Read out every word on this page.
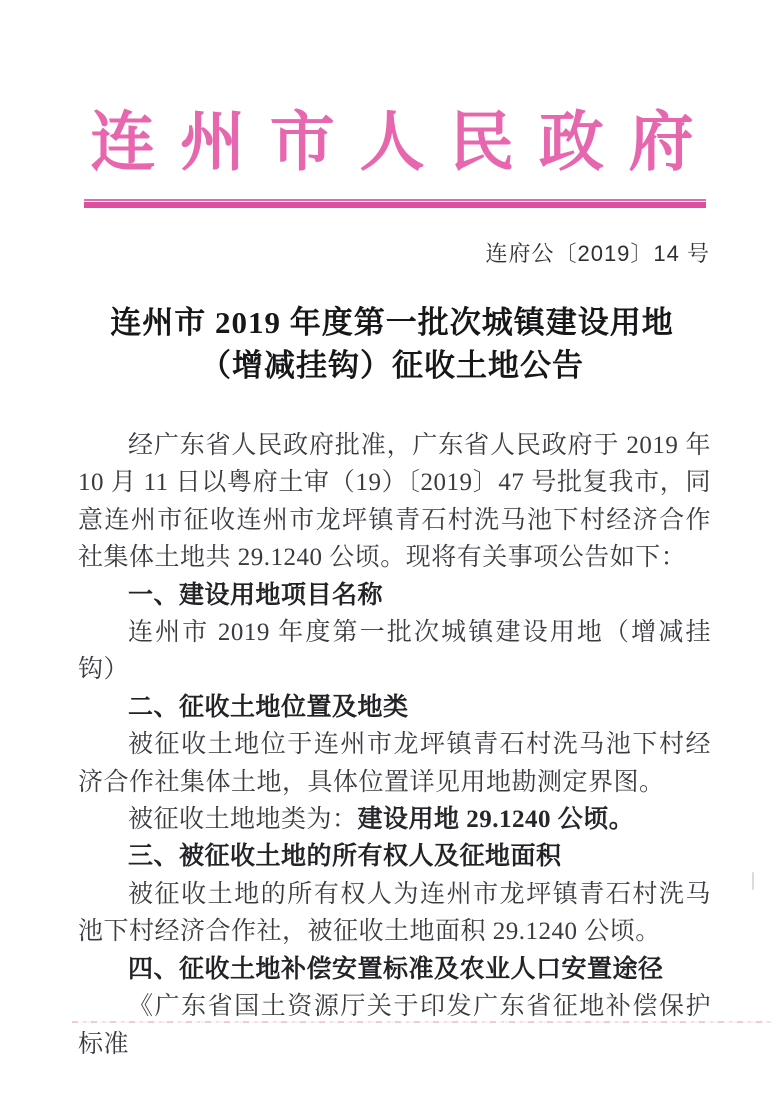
连州市人民政府
连府公〔2019〕14 号
连州市 2019 年度第一批次城镇建设用地
（增减挂钩）征收土地公告

经广东省人民政府批准，广东省人民政府于 2019 年 10 月 11 日以粤府土审（19）〔2019〕47 号批复我市，同意连州市征收连州市龙坪镇青石村洗马池下村经济合作社集体土地共 29.1240 公顷。现将有关事项公告如下：

一、建设用地项目名称

连州市 2019 年度第一批次城镇建设用地（增减挂钩）

二、征收土地位置及地类

被征收土地位于连州市龙坪镇青石村洗马池下村经济合作社集体土地，具体位置详见用地勘测定界图。

被征收土地地类为：建设用地 29.1240 公顷。

三、被征收土地的所有权人及征地面积

被征收土地的所有权人为连州市龙坪镇青石村洗马池下村经济合作社，被征收土地面积 29.1240 公顷。

四、征收土地补偿安置标准及农业人口安置途径

《广东省国土资源厅关于印发广东省征地补偿保护标准
